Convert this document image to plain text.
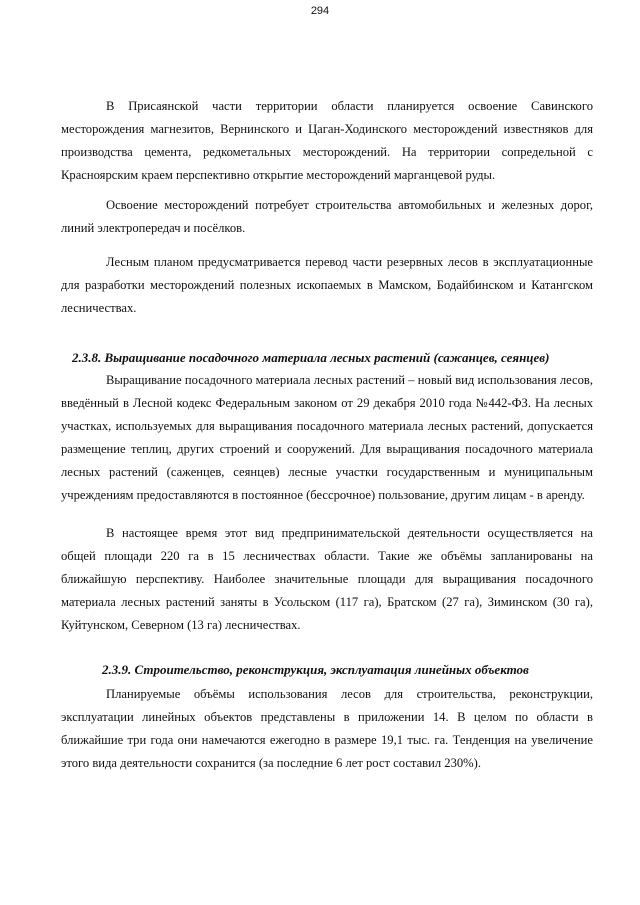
294

В Присаянской части территории области планируется освоение Савинского месторождения магнезитов, Вернинского и Цаган-Ходинского месторождений известняков для производства цемента, редкометальных месторождений. На территории сопредельной с Красноярским краем перспективно открытие месторождений марганцевой руды.

Освоение месторождений потребует строительства автомобильных и железных дорог, линий электропередач и посёлков.

Лесным планом предусматривается перевод части резервных лесов в эксплуатационные для разработки месторождений полезных ископаемых в Мамском, Бодайбинском и Катангском лесничествах.

2.3.8. Выращивание посадочного материала лесных растений (сажанцев, сеянцев)

Выращивание посадочного материала лесных растений – новый вид использования лесов, введённый в Лесной кодекс Федеральным законом от 29 декабря 2010 года №442-ФЗ. На лесных участках, используемых для выращивания посадочного материала лесных растений, допускается размещение теплиц, других строений и сооружений. Для выращивания посадочного материала лесных растений (саженцев, сеянцев) лесные участки государственным и муниципальным учреждениям предоставляются в постоянное (бессрочное) пользование, другим лицам - в аренду.

В настоящее время этот вид предпринимательской деятельности осуществляется на общей площади 220 га в 15 лесничествах области. Такие же объёмы запланированы на ближайшую перспективу. Наиболее значительные площади для выращивания посадочного материала лесных растений заняты в Усольском (117 га), Братском (27 га), Зиминском (30 га), Куйтунском, Северном (13 га) лесничествах.

2.3.9. Строительство, реконструкция, эксплуатация линейных объектов

Планируемые объёмы использования лесов для строительства, реконструкции, эксплуатации линейных объектов представлены в приложении 14. В целом по области в ближайшие три года они намечаются ежегодно в размере 19,1 тыс. га. Тенденция на увеличение этого вида деятельности сохранится (за последние 6 лет рост составил 230%).
